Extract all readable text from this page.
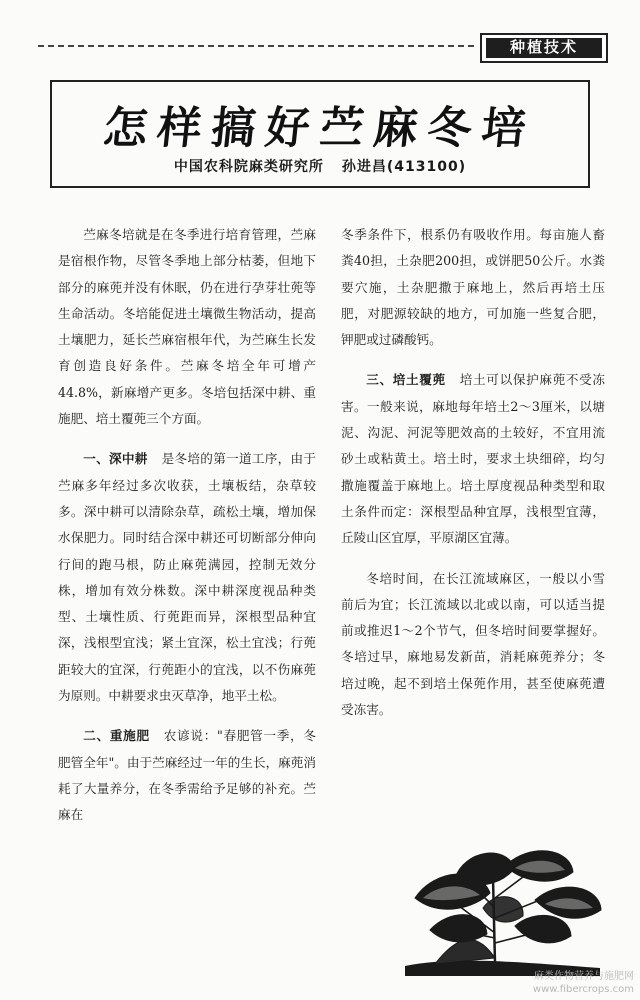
种植技术
怎样搞好苎麻冬培
中国农科院麻类研究所 孙进昌(413100)

苎麻冬培就是在冬季进行培育管理，苎麻是宿根作物，尽管冬季地上部分枯萎，但地下部分的麻蔸并没有休眠，仍在进行孕芽壮蔸等生命活动。冬培能促进土壤微生物活动，提高土壤肥力，延长苎麻宿根年代，为苎麻生长发育创造良好条件。苎麻冬培全年可增产44.8%，新麻增产更多。冬培包括深中耕、重施肥、培土覆蔸三个方面。

一、深中耕 是冬培的第一道工序，由于苎麻多年经过多次收获，土壤板结，杂草较多。深中耕可以清除杂草，疏松土壤，增加保水保肥力。同时结合深中耕还可切断部分伸向行间的跑马根，防止麻蔸满园，控制无效分株，增加有效分株数。深中耕深度视品种类型、土壤性质、行蔸距而异，深根型品种宜深，浅根型宜浅；紧土宜深，松土宜浅；行蔸距较大的宜深，行蔸距小的宜浅，以不伤麻蔸为原则。中耕要求虫灭草净，地平土松。

二、重施肥 农谚说："春肥管一季，冬肥管全年"。由于苎麻经过一年的生长，麻蔸消耗了大量养分，在冬季需给予足够的补充。苎麻在

冬季条件下，根系仍有吸收作用。每亩施人畜粪40担，土杂肥200担，或饼肥50公斤。水粪要穴施，土杂肥撒于麻地上，然后再培土压肥，对肥源较缺的地方，可加施一些复合肥，钾肥或过磷酸钙。

三、培土覆蔸 培土可以保护麻蔸不受冻害。一般来说，麻地每年培土2～3厘米，以塘泥、沟泥、河泥等肥效高的土较好，不宜用流砂土或粘黄土。培土时，要求土块细碎，均匀撒施覆盖于麻地上。培土厚度视品种类型和取土条件而定：深根型品种宜厚，浅根型宜薄，丘陵山区宜厚，平原湖区宜薄。

冬培时间，在长江流域麻区，一般以小雪前后为宜；长江流域以北或以南，可以适当提前或推迟1～2个节气，但冬培时间要掌握好。冬培过早，麻地易发新苗，消耗麻蔸养分；冬培过晚，起不到培土保蔸作用，甚至使麻蔸遭受冻害。

麻类作物营养与施肥网
www.fibercrops.com
